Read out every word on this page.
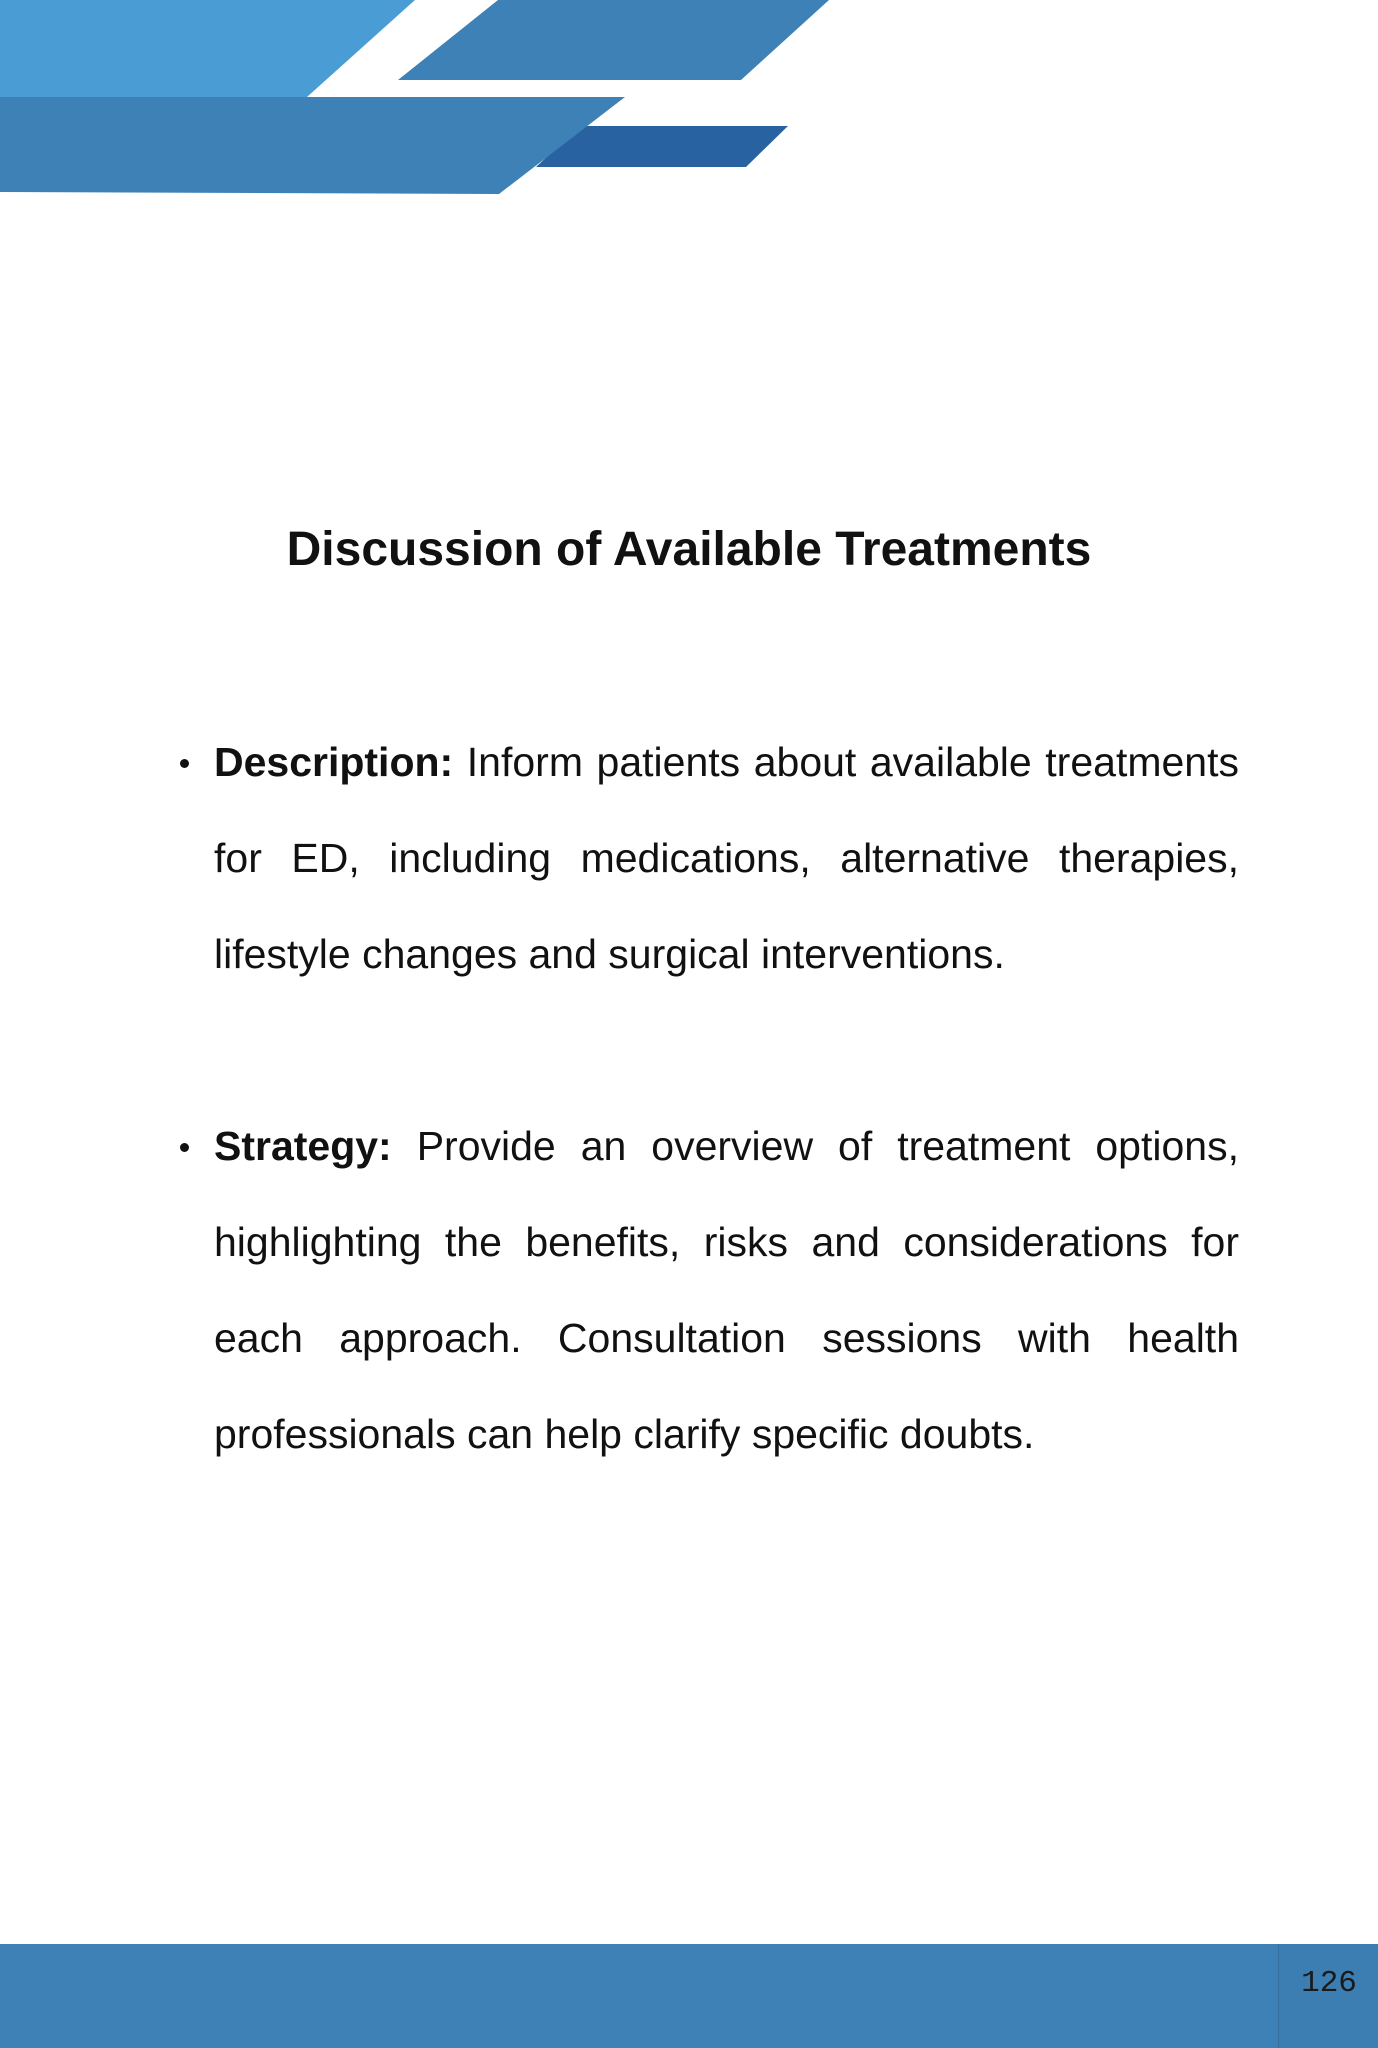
Discussion of Available Treatments
Description: Inform patients about available treatments for ED, including medications, alternative therapies, lifestyle changes and surgical interventions.
Strategy: Provide an overview of treatment options, highlighting the benefits, risks and considerations for each approach. Consultation sessions with health professionals can help clarify specific doubts.
126
